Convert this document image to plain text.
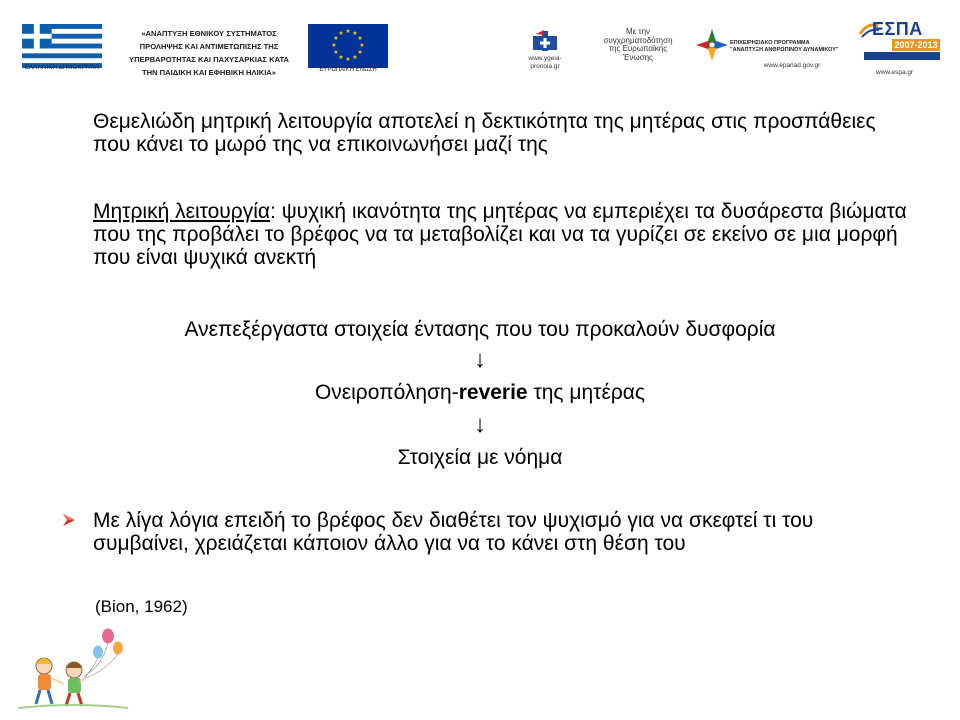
ΕΛΛΗΝΙΚΗ ΔΗΜΟΚΡΑΤΙΑ
«ΑΝΑΠΤΥΞΗ ΕΘΝΙΚΟΥ ΣΥΣΤΗΜΑΤΟΣ
ΠΡΟΛΗΨΗΣ ΚΑΙ ΑΝΤΙΜΕΤΩΠΙΣΗΣ ΤΗΣ
ΥΠΕΡΒΑΡΟΤΗΤΑΣ ΚΑΙ ΠΑΧΥΣΑΡΚΙΑΣ ΚΑΤΑ
ΤΗΝ ΠΑΙΔΙΚΗ ΚΑΙ ΕΦΗΒΙΚΗ ΗΛΙΚΙΑ»
★ ★
★
★
★
★
★
★
★
★
★
★
ΕΥΡΩΠΑΪΚΗ ΕΝΩΣΗ
www.ygeia-
pronoia.gr
Με την
συγχρηματοδότηση
της Ευρωπαϊκής
Ένωσης
ΕΠΙΧΕΙΡΗΣΙΑΚΟ ΠΡΟΓΡΑΜΜΑ
"ΑΝΑΠΤΥΞΗ ΑΝΘΡΩΠΙΝΟΥ ΔΥΝΑΜΙΚΟΥ"
www.epanad.gov.gr
ΕΣΠΑ
2007-2013
www.espa.gr
Θεμελιώδη μητρική λειτουργία αποτελεί η δεκτικότητα της μητέρας στις προσπάθειες που κάνει το μωρό της να επικοινωνήσει μαζί της
Μητρική λειτουργία: ψυχική ικανότητα της μητέρας να εμπεριέχει τα δυσάρεστα βιώματα που της προβάλει το βρέφος να τα μεταβολίζει και να τα γυρίζει σε εκείνο σε μια μορφή που είναι ψυχικά ανεκτή
Ανεπεξέργαστα στοιχεία έντασης που του προκαλούν δυσφορία
↓
Ονειροπόληση-reverie της μητέρας
↓
Στοιχεία με νόημα
Με λίγα λόγια επειδή το βρέφος δεν διαθέτει τον ψυχισμό για να σκεφτεί τι του συμβαίνει, χρειάζεται κάποιον άλλο για να το κάνει στη θέση του
(Bion, 1962)
